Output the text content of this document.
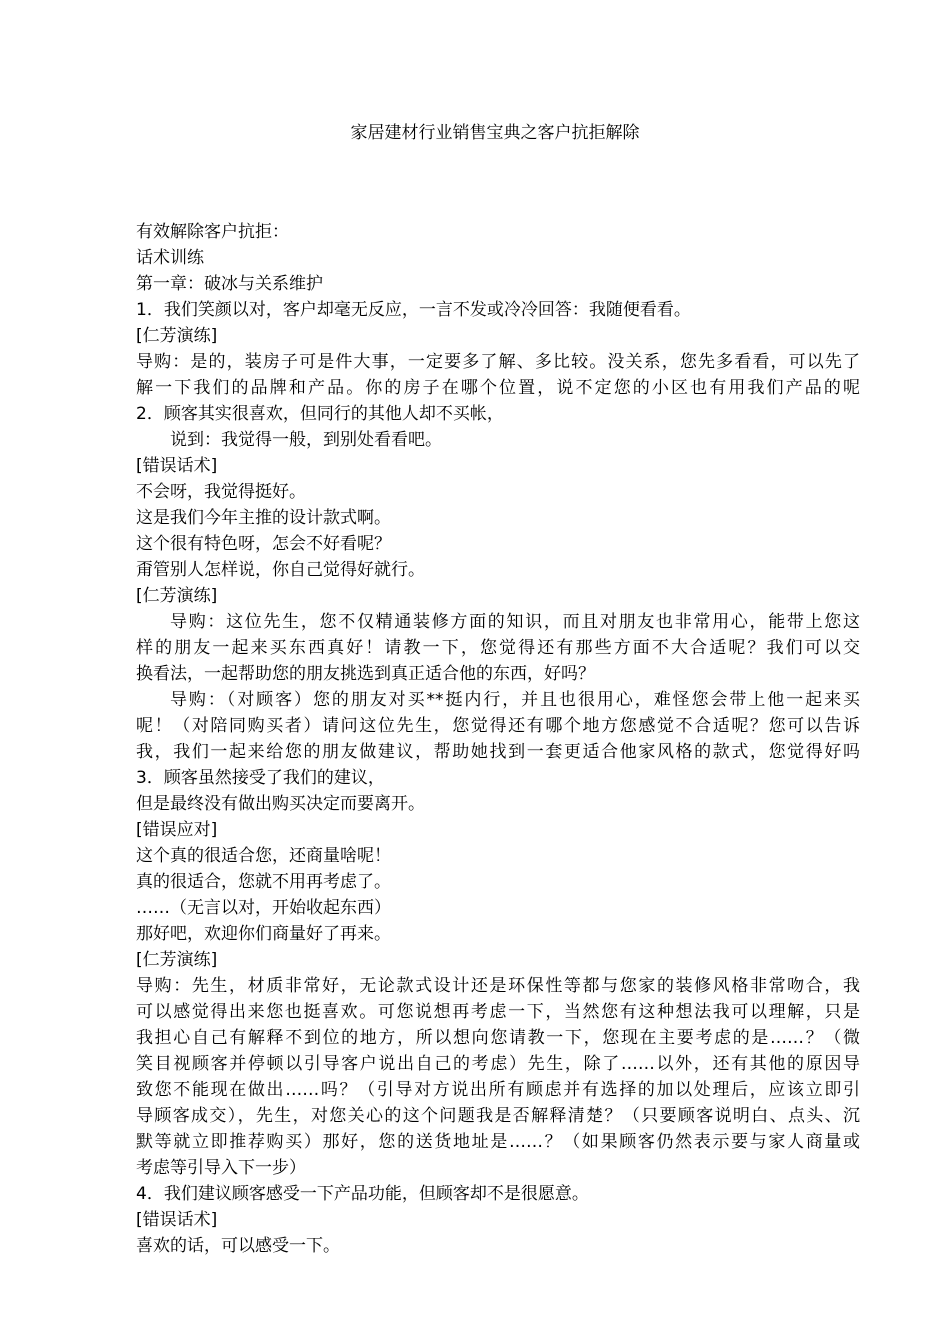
家居建材行业销售宝典之客户抗拒解除

有效解除客户抗拒：

话术训练

第一章：破冰与关系维护

1．我们笑颜以对，客户却毫无反应，一言不发或冷冷回答：我随便看看。

[仁芳演练]

导购：是的，装房子可是件大事，一定要多了解、多比较。没关系，您先多看看，可以先了

解一下我们的品牌和产品。你的房子在哪个位置，说不定您的小区也有用我们产品的呢

2．顾客其实很喜欢，但同行的其他人却不买帐，

说到：我觉得一般，到别处看看吧。

[错误话术]

不会呀，我觉得挺好。

这是我们今年主推的设计款式啊。

这个很有特色呀，怎会不好看呢？

甭管别人怎样说，你自己觉得好就行。

[仁芳演练]

导购：这位先生，您不仅精通装修方面的知识，而且对朋友也非常用心，能带上您这

样的朋友一起来买东西真好！请教一下，您觉得还有那些方面不大合适呢？我们可以交

换看法，一起帮助您的朋友挑选到真正适合他的东西，好吗？

导购：（对顾客）您的朋友对买**挺内行，并且也很用心，难怪您会带上他一起来买

呢！（对陪同购买者）请问这位先生，您觉得还有哪个地方您感觉不合适呢？您可以告诉

我，我们一起来给您的朋友做建议，帮助她找到一套更适合他家风格的款式，您觉得好吗

3．顾客虽然接受了我们的建议，

但是最终没有做出购买决定而要离开。

[错误应对]

这个真的很适合您，还商量啥呢！

真的很适合，您就不用再考虑了。

……（无言以对，开始收起东西）

那好吧，欢迎你们商量好了再来。

[仁芳演练]

导购：先生，材质非常好，无论款式设计还是环保性等都与您家的装修风格非常吻合，我

可以感觉得出来您也挺喜欢。可您说想再考虑一下，当然您有这种想法我可以理解，只是

我担心自己有解释不到位的地方，所以想向您请教一下，您现在主要考虑的是……？（微

笑目视顾客并停顿以引导客户说出自己的考虑）先生，除了……以外，还有其他的原因导

致您不能现在做出……吗？（引导对方说出所有顾虑并有选择的加以处理后，应该立即引

导顾客成交），先生，对您关心的这个问题我是否解释清楚？（只要顾客说明白、点头、沉

默等就立即推荐购买）那好，您的送货地址是……？（如果顾客仍然表示要与家人商量或

考虑等引导入下一步）

4．我们建议顾客感受一下产品功能，但顾客却不是很愿意。

[错误话术]

喜欢的话，可以感受一下。
